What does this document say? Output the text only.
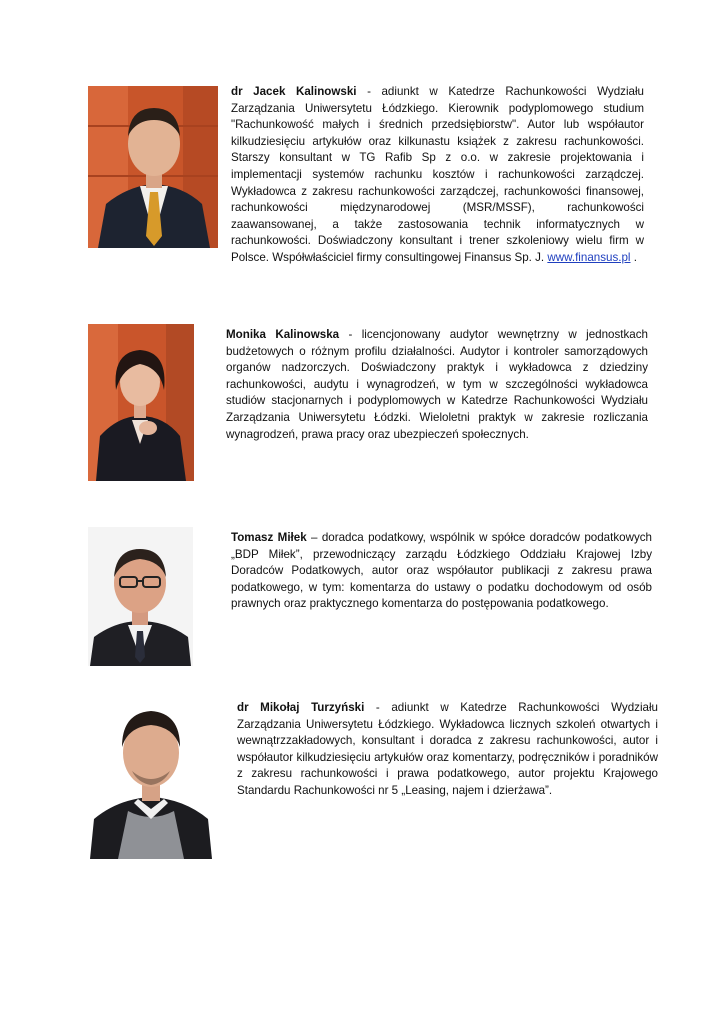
dr Jacek Kalinowski - adiunkt w Katedrze Rachunkowości Wydziału Zarządzania Uniwersytetu Łódzkiego. Kierownik podyplomowego studium "Rachunkowość małych i średnich przedsiębiorstw". Autor lub współautor kilkudziesięciu artykułów oraz kilkunastu książek z zakresu rachunkowości. Starszy konsultant w TG Rafib Sp z o.o. w zakresie projektowania i implementacji systemów rachunku kosztów i rachunkowości zarządczej. Wykładowca z zakresu rachunkowości zarządczej, rachunkowości finansowej, rachunkowości międzynarodowej (MSR/MSSF), rachunkowości zaawansowanej, a także zastosowania technik informatycznych w rachunkowości. Doświadczony konsultant i trener szkoleniowy wielu firm w Polsce. Współwłaściciel firmy consultingowej Finansus Sp. J. www.finansus.pl .
Monika Kalinowska - licencjonowany audytor wewnętrzny w jednostkach budżetowych o różnym profilu działalności. Audytor i kontroler samorządowych organów nadzorczych. Doświadczony praktyk i wykładowca z dziedziny rachunkowości, audytu i wynagrodzeń, w tym w szczególności wykładowca studiów stacjonarnych i podyplomowych w Katedrze Rachunkowości Wydziału Zarządzania Uniwersytetu Łódzki. Wieloletni praktyk w zakresie rozliczania wynagrodzeń, prawa pracy oraz ubezpieczeń społecznych.
Tomasz Miłek – doradca podatkowy, wspólnik w spółce doradców podatkowych „BDP Miłek”, przewodniczący zarządu Łódzkiego Oddziału Krajowej Izby Doradców Podatkowych, autor oraz współautor publikacji z zakresu prawa podatkowego, w tym: komentarza do ustawy o podatku dochodowym od osób prawnych oraz praktycznego komentarza do postępowania podatkowego.
dr Mikołaj Turzyński - adiunkt w Katedrze Rachunkowości Wydziału Zarządzania Uniwersytetu Łódzkiego. Wykładowca licznych szkoleń otwartych i wewnątrzzakładowych, konsultant i doradca z zakresu rachunkowości, autor i współautor kilkudziesięciu artykułów oraz komentarzy, podręczników i poradników z zakresu rachunkowości i prawa podatkowego, autor projektu Krajowego Standardu Rachunkowości nr 5 „Leasing, najem i dzierżawa”.
